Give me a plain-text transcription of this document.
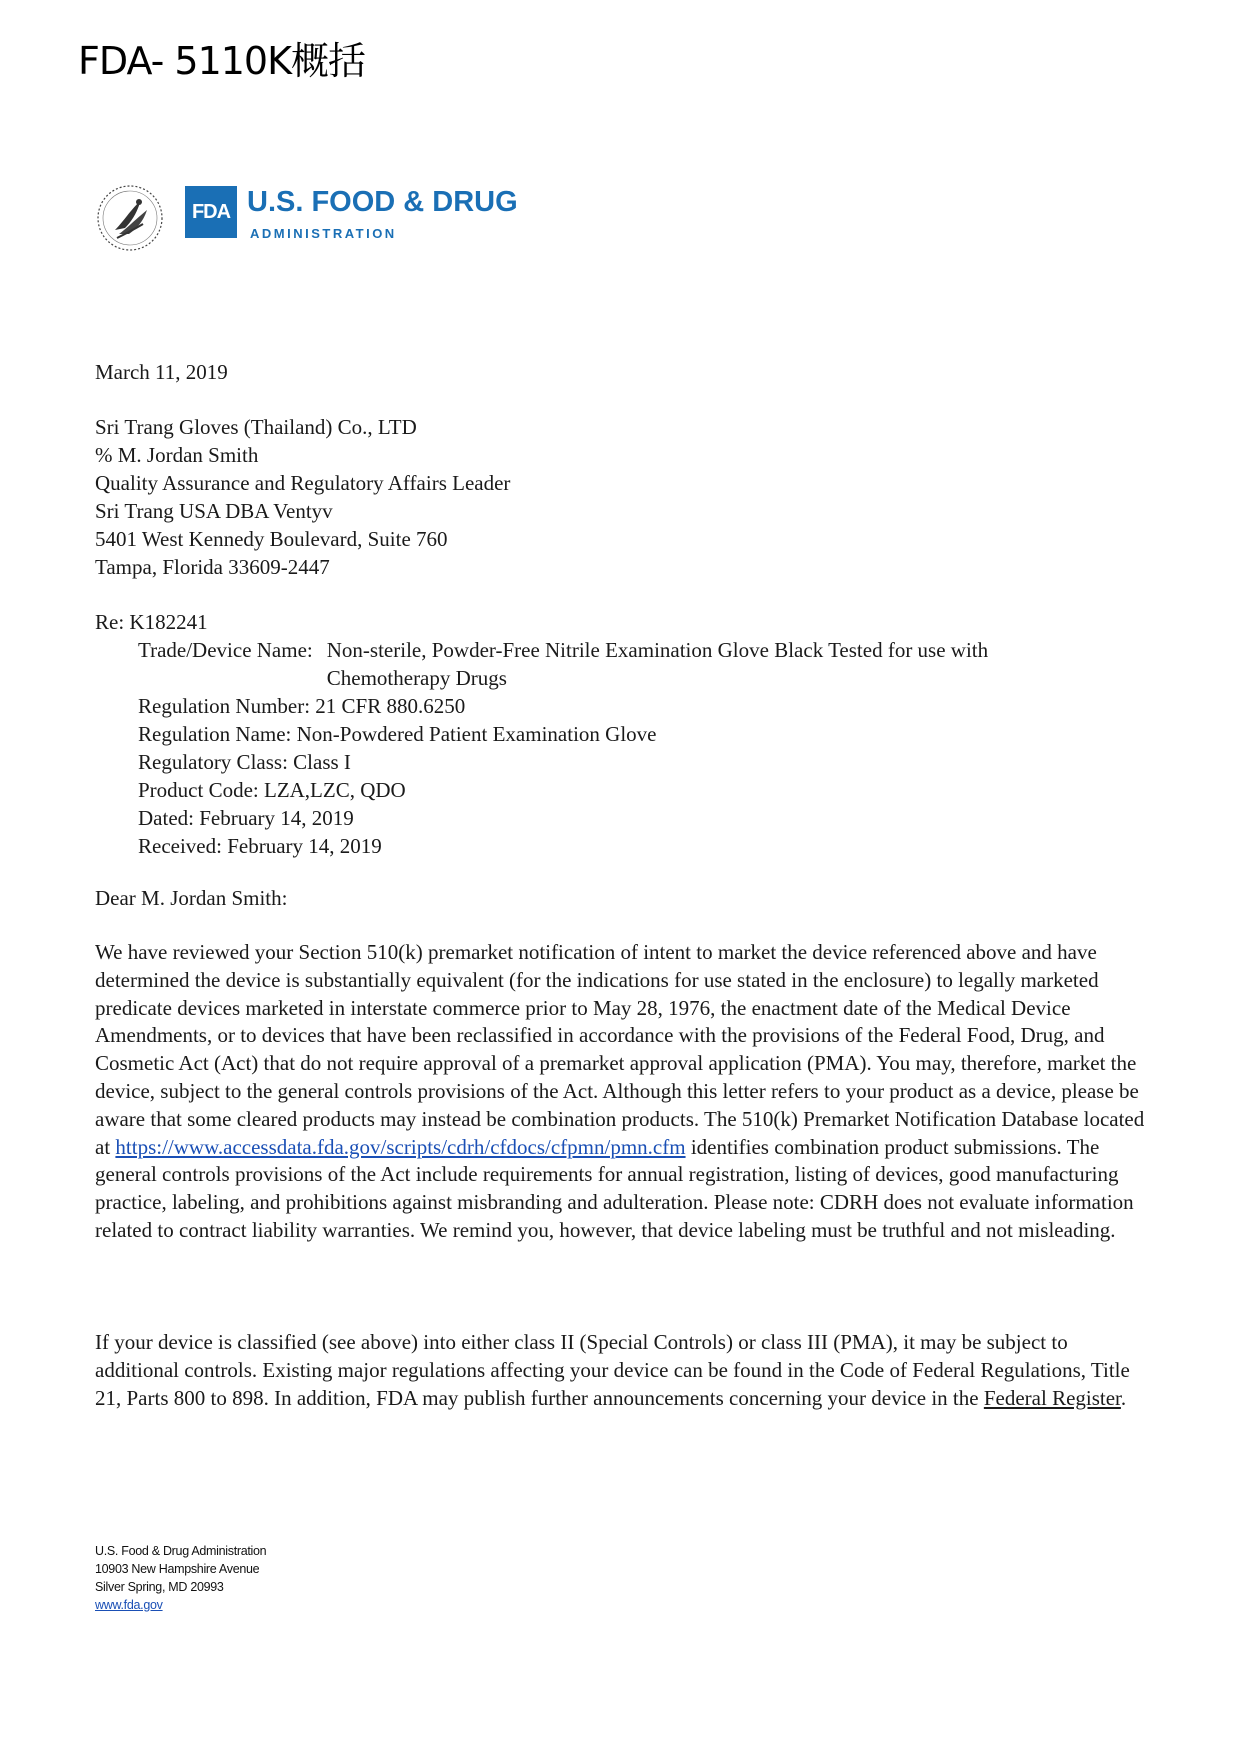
FDA- 5110K概括
FDA U.S. FOOD & DRUG
ADMINISTRATION
March 11, 2019
Sri Trang Gloves (Thailand) Co., LTD
% M. Jordan Smith
Quality Assurance and Regulatory Affairs Leader
Sri Trang USA DBA Ventyv
5401 West Kennedy Boulevard, Suite 760
Tampa, Florida 33609-2447
Re: K182241
Trade/Device Name: Non-sterile, Powder-Free Nitrile Examination Glove Black Tested for use with Chemotherapy Drugs
Regulation Number: 21 CFR 880.6250
Regulation Name: Non-Powdered Patient Examination Glove
Regulatory Class: Class I
Product Code: LZA,LZC, QDO
Dated: February 14, 2019
Received: February 14, 2019
Dear M. Jordan Smith:
We have reviewed your Section 510(k) premarket notification of intent to market the device referenced above and have determined the device is substantially equivalent (for the indications for use stated in the enclosure) to legally marketed predicate devices marketed in interstate commerce prior to May 28, 1976, the enactment date of the Medical Device Amendments, or to devices that have been reclassified in accordance with the provisions of the Federal Food, Drug, and Cosmetic Act (Act) that do not require approval of a premarket approval application (PMA). You may, therefore, market the device, subject to the general controls provisions of the Act. Although this letter refers to your product as a device, please be aware that some cleared products may instead be combination products. The 510(k) Premarket Notification Database located at https://www.accessdata.fda.gov/scripts/cdrh/cfdocs/cfpmn/pmn.cfm identifies combination product submissions. The general controls provisions of the Act include requirements for annual registration, listing of devices, good manufacturing practice, labeling, and prohibitions against misbranding and adulteration. Please note: CDRH does not evaluate information related to contract liability warranties. We remind you, however, that device labeling must be truthful and not misleading.
If your device is classified (see above) into either class II (Special Controls) or class III (PMA), it may be subject to additional controls. Existing major regulations affecting your device can be found in the Code of Federal Regulations, Title 21, Parts 800 to 898. In addition, FDA may publish further announcements concerning your device in the Federal Register.
U.S. Food & Drug Administration
10903 New Hampshire Avenue
Silver Spring, MD 20993
www.fda.gov
